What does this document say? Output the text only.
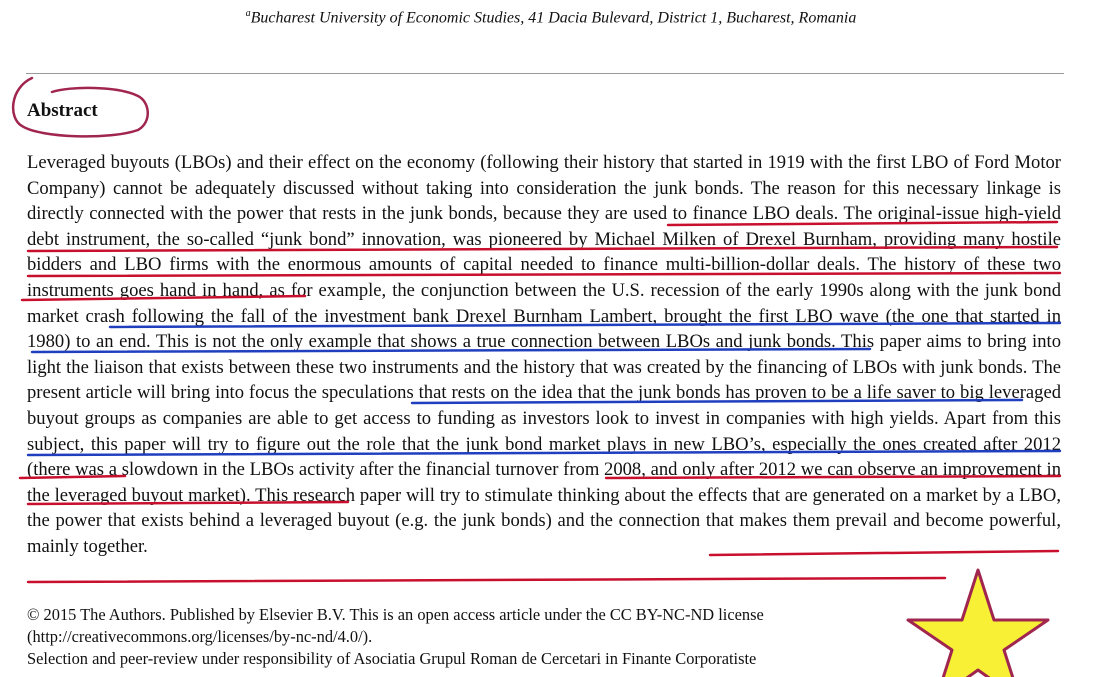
$^a$Bucharest University of Economic Studies, 41 Dacia Bulevard, District 1, Bucharest, Romania
Abstract
Leveraged buyouts (LBOs) and their effect on the economy (following their history that started in 1919 with the first LBO of Ford Motor Company) cannot be adequately discussed without taking into consideration the junk bonds. The reason for this necessary linkage is directly connected with the power that rests in the junk bonds, because they are used to finance LBO deals. The original-issue high-yield debt instrument, the so-called “junk bond” innovation, was pioneered by Michael Milken of Drexel Burnham, providing many hostile bidders and LBO firms with the enormous amounts of capital needed to finance multi-billion-dollar deals. The history of these two instruments goes hand in hand, as for example, the conjunction between the U.S. recession of the early 1990s along with the junk bond market crash following the fall of the investment bank Drexel Burnham Lambert, brought the first LBO wave (the one that started in 1980) to an end. This is not the only example that shows a true connection between LBOs and junk bonds. This paper aims to bring into light the liaison that exists between these two instruments and the history that was created by the financing of LBOs with junk bonds. The present article will bring into focus the speculations that rests on the idea that the junk bonds has proven to be a life saver to big leveraged buyout groups as companies are able to get access to funding as investors look to invest in companies with high yields. Apart from this subject, this paper will try to figure out the role that the junk bond market plays in new LBO’s, especially the ones created after 2012 (there was a slowdown in the LBOs activity after the financial turnover from 2008, and only after 2012 we can observe an improvement in the leveraged buyout market). This research paper will try to stimulate thinking about the effects that are generated on a market by a LBO, the power that exists behind a leveraged buyout (e.g. the junk bonds) and the connection that makes them prevail and become powerful, mainly together.
© 2015 The Authors. Published by Elsevier B.V. This is an open access article under the CC BY-NC-ND license
(http://creativecommons.org/licenses/by-nc-nd/4.0/).
Selection and peer-review under responsibility of Asociatia Grupul Roman de Cercetari in Finante Corporatiste
